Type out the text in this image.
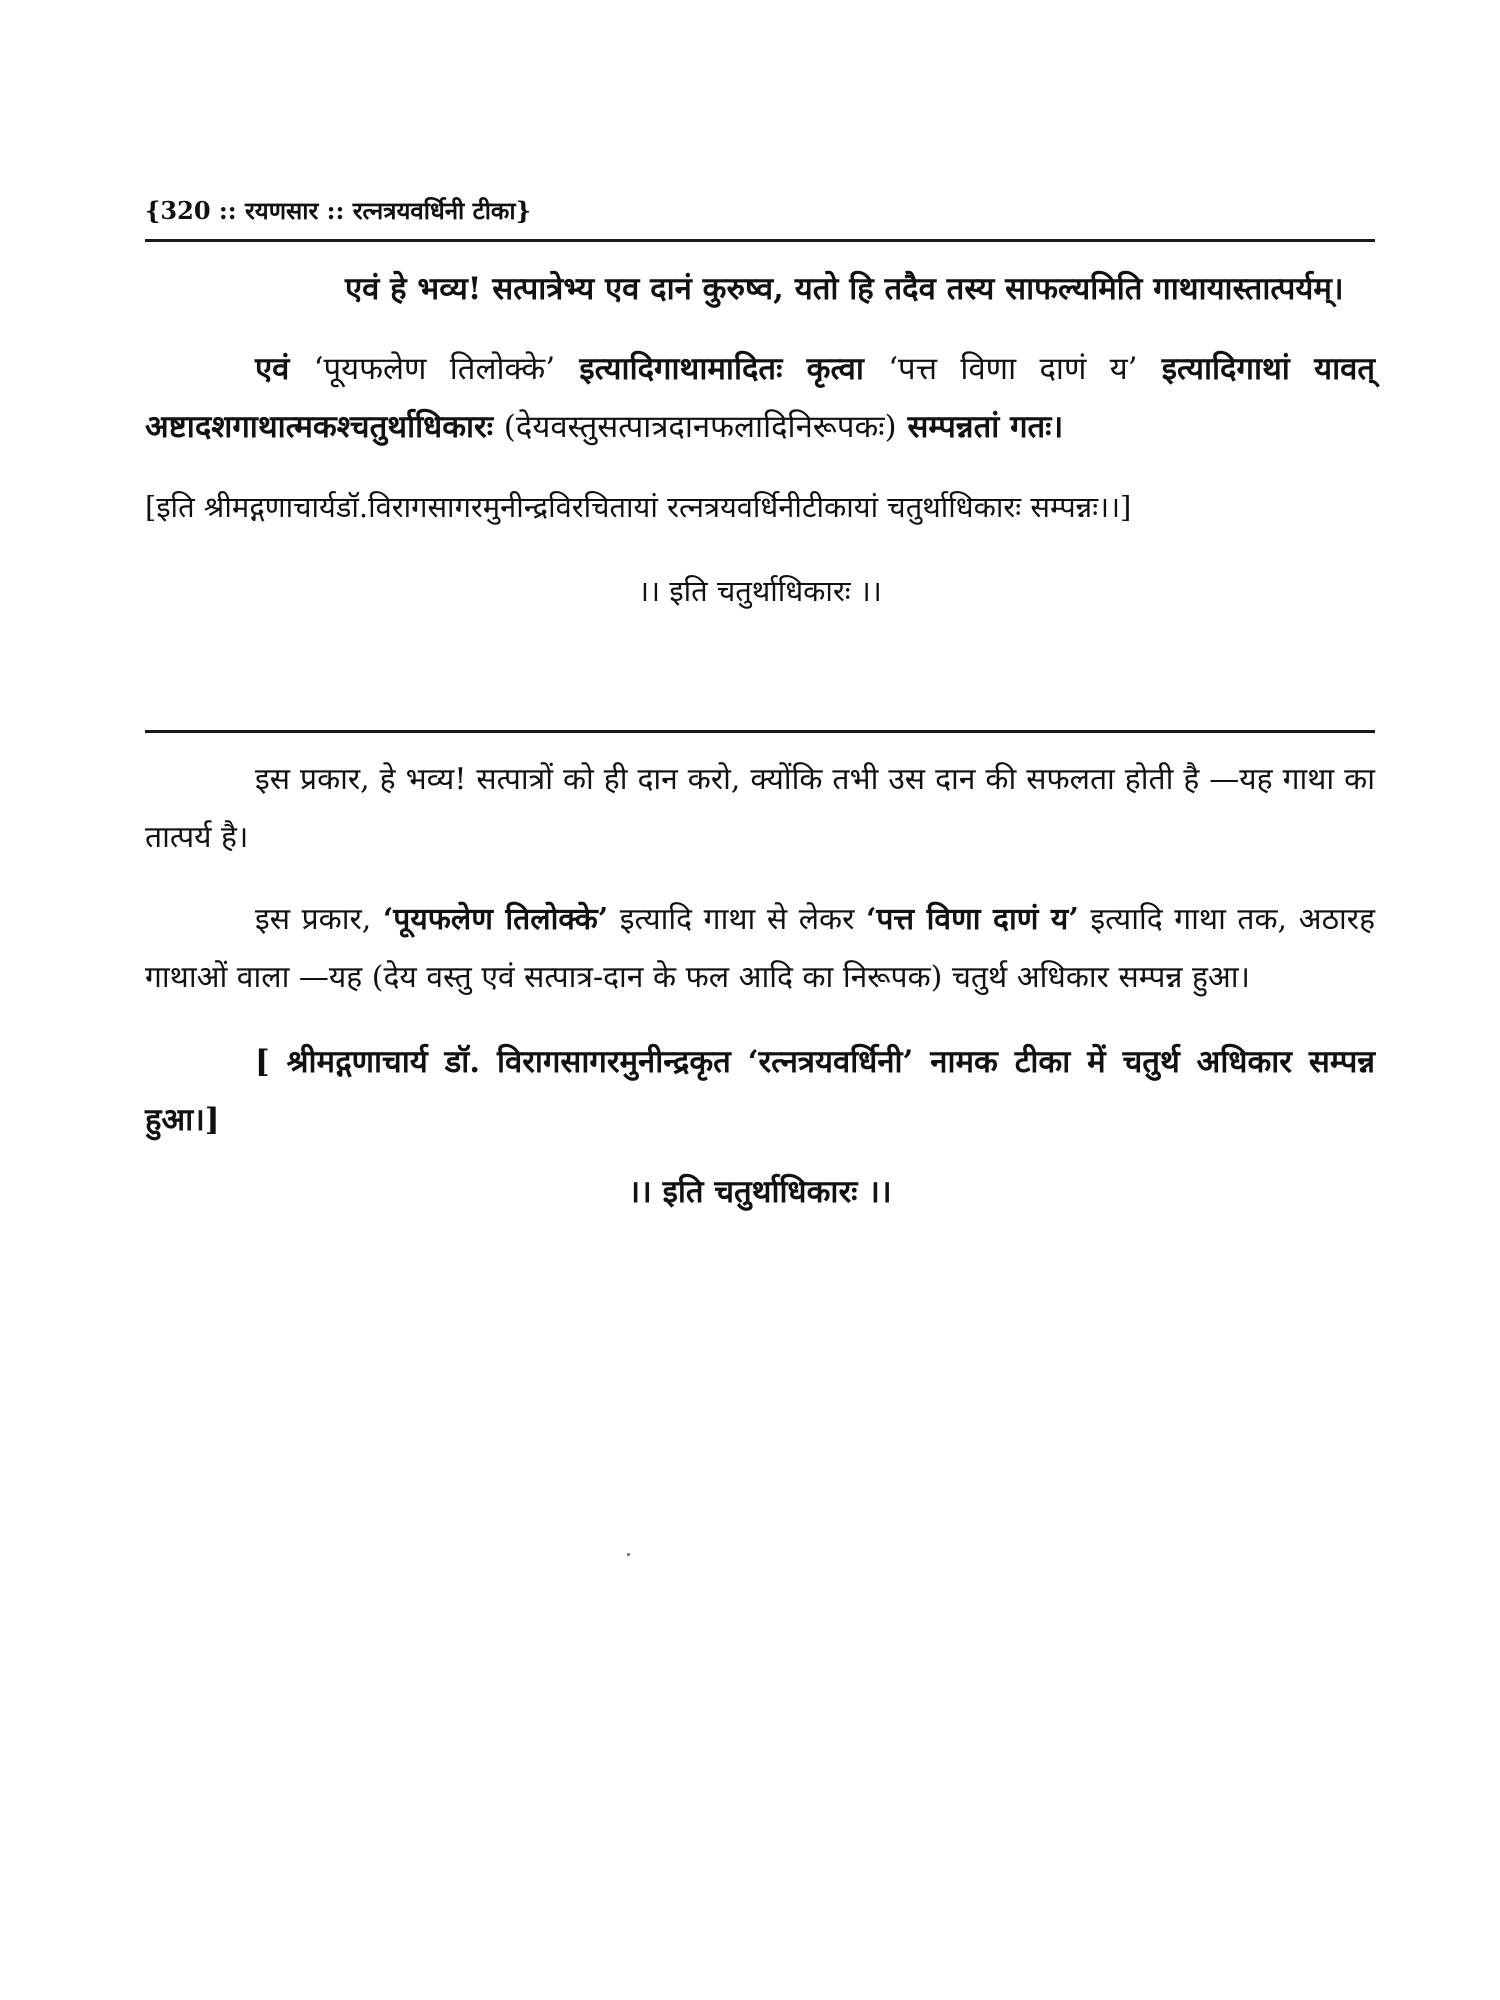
{320 :: रयणसार :: रत्नत्रयवर्धिनी टीका}

एवं हे भव्य! सत्पात्रेभ्य एव दानं कुरुष्व, यतो हि तदैव तस्य साफल्यमिति गाथायास्तात्पर्यम्।

एवं ‘पूयफलेण तिलोक्के’ इत्यादिगाथामादितः कृत्वा ‘पत्त विणा दाणं य’ इत्यादिगाथां यावत् अष्टादशगाथात्मकश्चतुर्थाधिकारः (देयवस्तुसत्पात्रदानफलादिनिरूपकः) सम्पन्नतां गतः।

[इति श्रीमद्गणाचार्यडॉ.विरागसागरमुनीन्द्रविरचितायां रत्नत्रयवर्धिनीटीकायां चतुर्थाधिकारः सम्पन्नः।।]

।। इति चतुर्थाधिकारः ।।

इस प्रकार, हे भव्य! सत्पात्रों को ही दान करो, क्योंकि तभी उस दान की सफलता होती है —यह गाथा का तात्पर्य है।

इस प्रकार, ‘पूयफलेण तिलोक्के’ इत्यादि गाथा से लेकर ‘पत्त विणा दाणं य’ इत्यादि गाथा तक, अठारह गाथाओं वाला —यह (देय वस्तु एवं सत्पात्र-दान के फल आदि का निरूपक) चतुर्थ अधिकार सम्पन्न हुआ।

[ श्रीमद्गणाचार्य डॉ. विरागसागरमुनीन्द्रकृत ‘रत्नत्रयवर्धिनी’ नामक टीका में चतुर्थ अधिकार सम्पन्न हुआ।]

।। इति चतुर्थाधिकारः ।।
